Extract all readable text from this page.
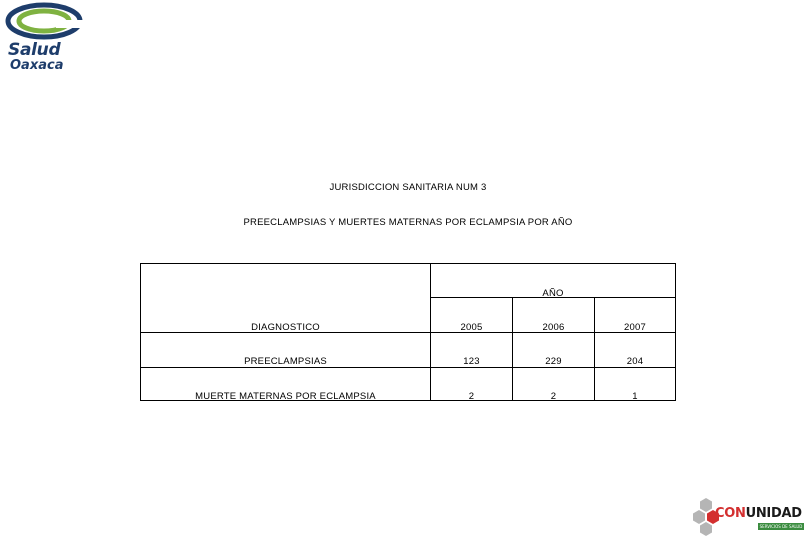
Salud
Oaxaca
JURISDICCION SANITARIA NUM 3
PREECLAMPSIAS Y MUERTES MATERNAS POR ECLAMPSIA POR AÑO
AÑO
DIAGNOSTICO	2005	2006	2007
PREECLAMPSIAS	123	229	204
MUERTE MATERNAS POR ECLAMPSIA	2	2	1
CONUNIDAD
SERVICIOS DE SALUD
